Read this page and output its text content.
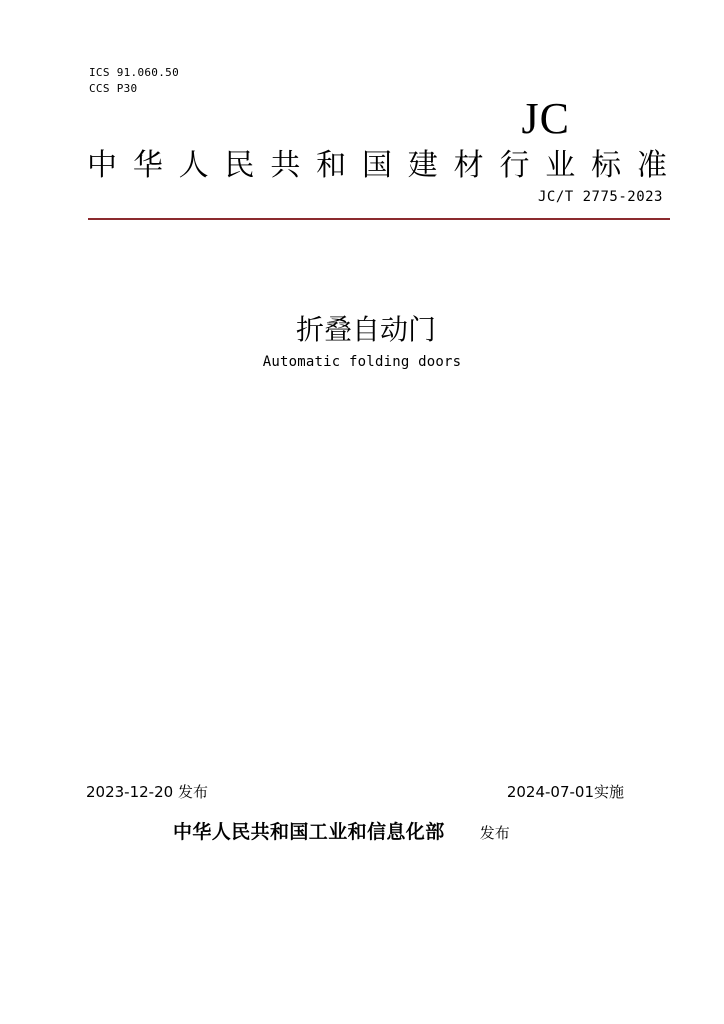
ICS 91.060.50
CCS P30
JC
中 华 人 民 共 和 国 建 材 行 业 标 准
JC/T 2775-2023
折叠自动门
Automatic folding doors
2023-12-20 发布	2024-07-01实施
中华人民共和国工业和信息化部 发布
